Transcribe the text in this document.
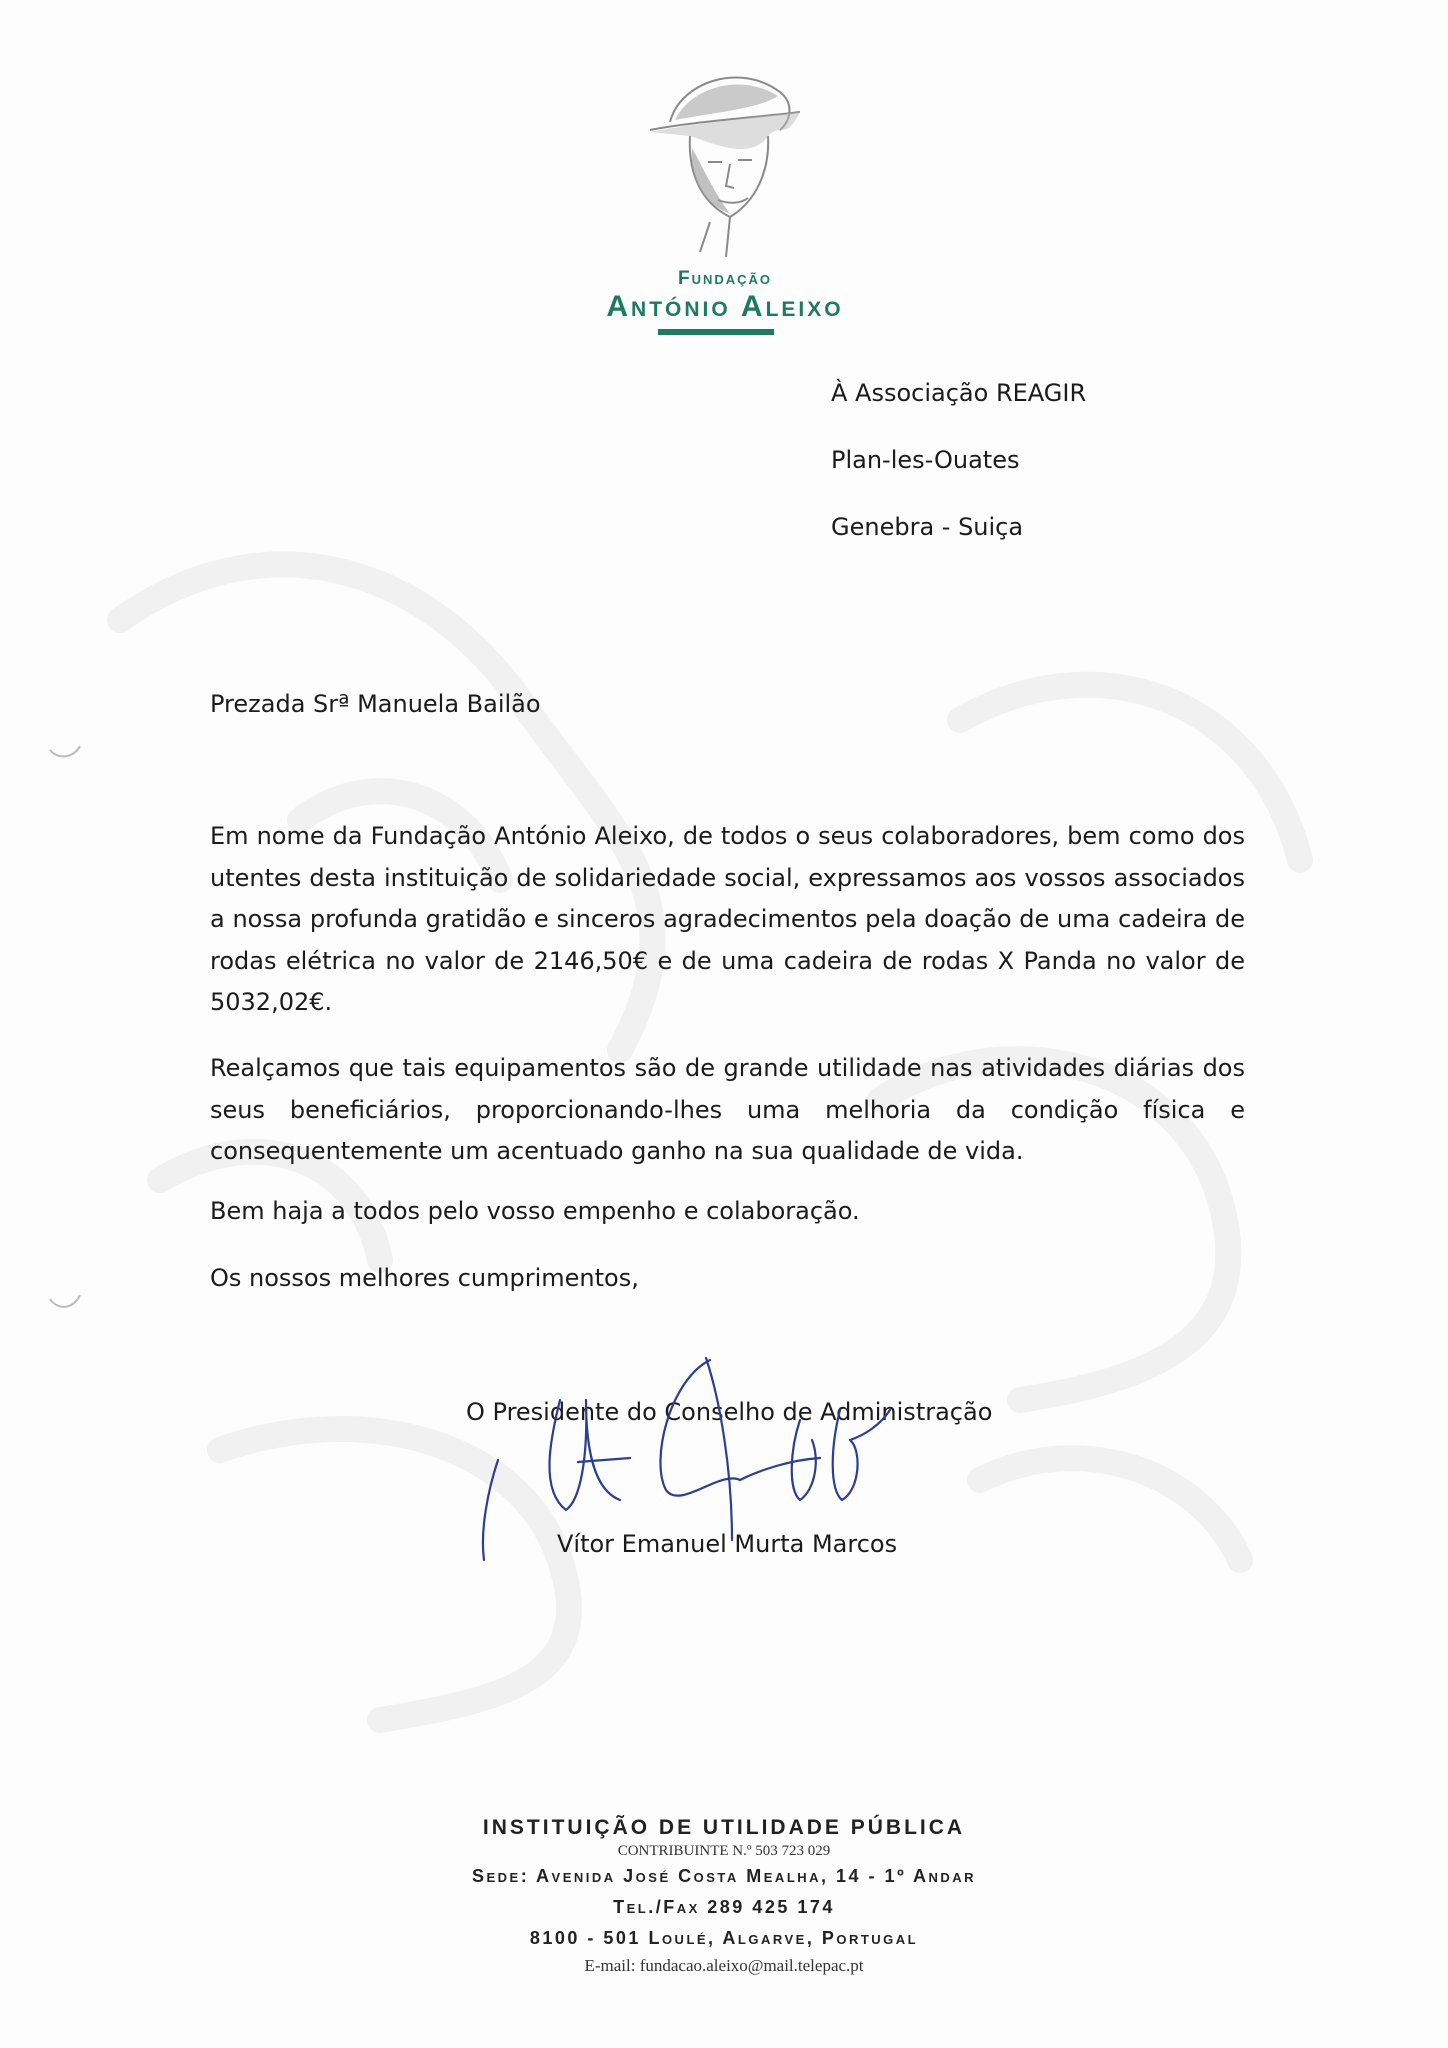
Fundação
António Aleixo
À Associação REAGIR
Plan-les-Ouates
Genebra - Suiça
Prezada Srª Manuela Bailão
Em nome da Fundação António Aleixo, de todos o seus colaboradores, bem como dos utentes desta instituição de solidariedade social, expressamos aos vossos associados a nossa profunda gratidão e sinceros agradecimentos pela doação de uma cadeira de rodas elétrica no valor de 2146,50€ e de uma cadeira de rodas X Panda no valor de 5032,02€.
Realçamos que tais equipamentos são de grande utilidade nas atividades diárias dos seus beneficiários, proporcionando-lhes uma melhoria da condição física e consequentemente um acentuado ganho na sua qualidade de vida.
Bem haja a todos pelo vosso empenho e colaboração.
Os nossos melhores cumprimentos,
O Presidente do Conselho de Administração
Vítor Emanuel Murta Marcos
INSTITUIÇÃO DE UTILIDADE PÚBLICA
CONTRIBUINTE N.º 503 723 029
Sede: Avenida José Costa Mealha, 14 - 1º Andar
Tel./Fax 289 425 174
8100 - 501 Loulé, Algarve, Portugal
E-mail: fundacao.aleixo@mail.telepac.pt
